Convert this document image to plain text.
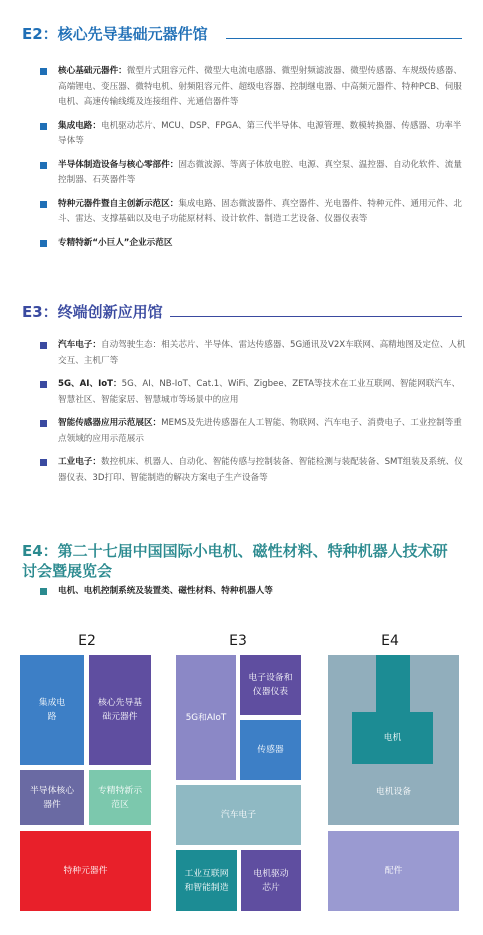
E2：核心先导基础元器件馆
核心基础元器件：微型片式阻容元件、微型大电流电感器、微型射频滤波器、微型传感器、车规级传感器、高端锂电、变压器、微特电机、射频阻容元件、超级电容器、控制继电器、中高频元器件、特种PCB、伺服电机、高速传输线缆及连接组件、光通信器件等
集成电路：电机驱动芯片、MCU、DSP、FPGA、第三代半导体、电源管理、数模转换器、传感器、功率半导体等
半导体制造设备与核心零部件：固态微波源、等离子体放电腔、电源、真空泵、温控器、自动化软件、流量控制器、石英器件等
特种元器件暨自主创新示范区：集成电路、固态微波器件、真空器件、光电器件、特种元件、通用元件、北斗、雷达、支撑基础以及电子功能原材料、设计软件、制造工艺设备、仪器仪表等
专精特新“小巨人”企业示范区
E3：终端创新应用馆
汽车电子：自动驾驶生态：相关芯片、半导体、雷达传感器、5G通讯及V2X车联网、高精地图及定位、人机交互、主机厂等
5G、AI、IoT：5G、AI、NB-IoT、Cat.1、WiFi、Zigbee、ZETA等技术在工业互联网、智能网联汽车、智慧社区、智能家居、智慧城市等场景中的应用
智能传感器应用示范展区：MEMS及先进传感器在人工智能、物联网、汽车电子、消费电子、工业控制等重点领域的应用示范展示
工业电子：数控机床、机器人、自动化、智能传感与控制装备、智能检测与装配装备、SMT组装及系统、仪器仪表、3D打印、智能制造的解决方案电子生产设备等
E4：第二十七届中国国际小电机、磁性材料、特种机器人技术研讨会暨展览会
电机、电机控制系统及装置类、磁性材料、特种机器人等
E2
集成电路
核心先导基础元器件
半导体核心器件
专精特新示范区
特种元器件
E3
5G和AIoT
电子设备和仪器仪表
传感器
汽车电子
工业互联网和智能制造
电机驱动芯片
E4
电机设备
电机
配件
